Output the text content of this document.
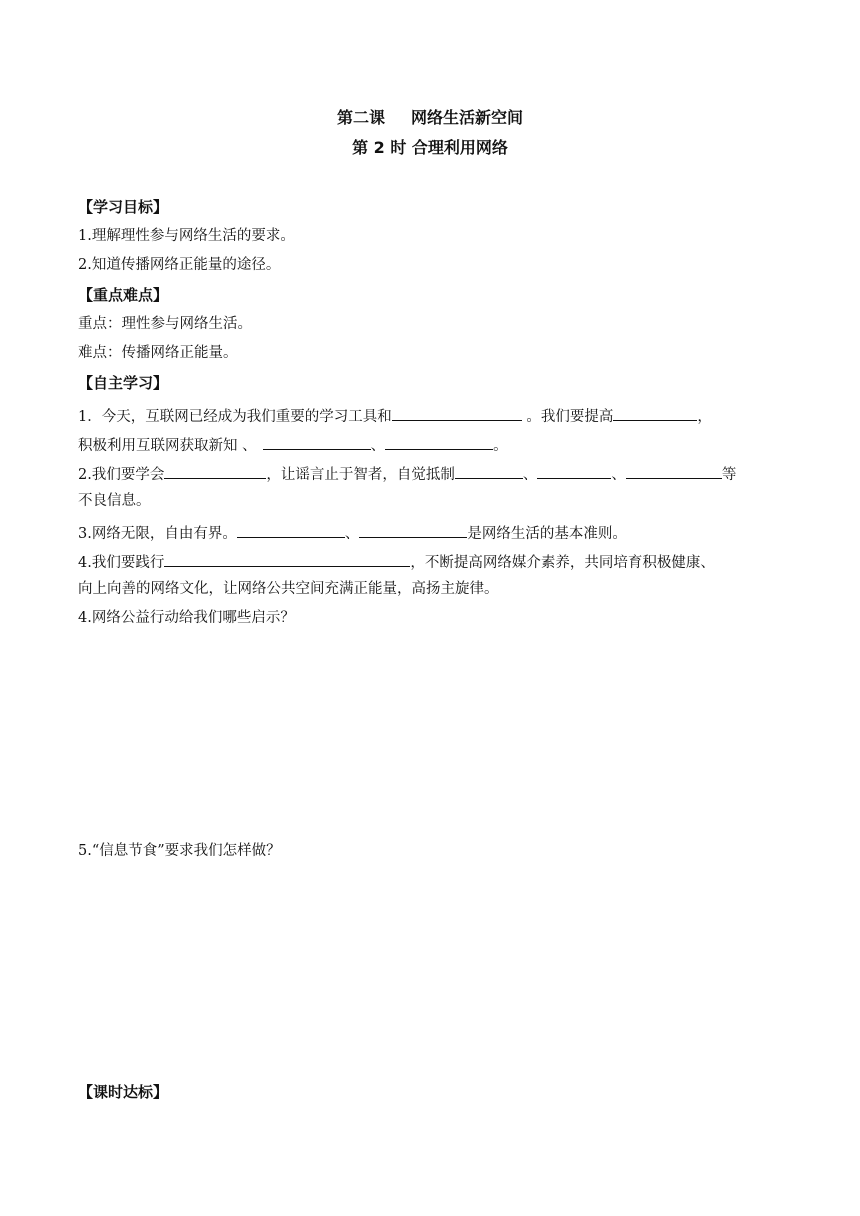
第二课 网络生活新空间
第 2 时 合理利用网络
【学习目标】
1.理解理性参与网络生活的要求。
2.知道传播网络正能量的途径。
【重点难点】
重点：理性参与网络生活。
难点：传播网络正能量。
【自主学习】
1．今天，互联网已经成为我们重要的学习工具和	。我们要提高	，
积极利用互联网获取新知 、	、	。
2.我们要学会	，让谣言止于智者，自觉抵制	、	、	等
不良信息。
3.网络无限，自由有界。	、	是网络生活的基本准则。
4.我们要践行	，不断提高网络媒介素养，共同培育积极健康、
向上向善的网络文化，让网络公共空间充满正能量，高扬主旋律。
4.网络公益行动给我们哪些启示？
5.“信息节食”要求我们怎样做？
【课时达标】
